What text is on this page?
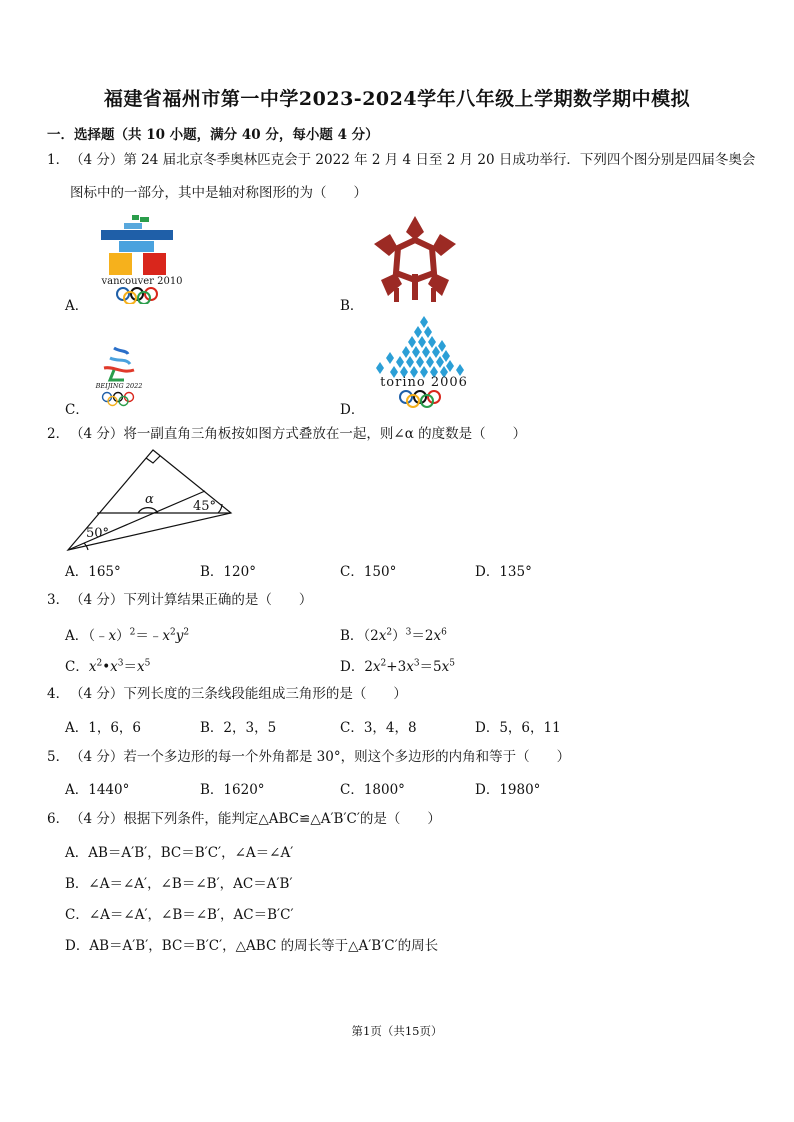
福建省福州市第一中学2023-2024学年八年级上学期数学期中模拟
一．选择题（共 10 小题，满分 40 分，每小题 4 分）
1． （4 分）第 24 届北京冬季奥林匹克会于 2022 年 2 月 4 日至 2 月 20 日成功举行．下列四个图分别是四届冬奥会
图标中的一部分，其中是轴对称图形的为（　　）
A．	B．
C．	D．
vancouver 2010
BEIJING 2022	torino 2006
2． （4 分）将一副直角三角板按如图方式叠放在一起，则∠α 的度数是（　　）
α	45°
50°
A．165°	B．120°	C．150°	D．135°
3． （4 分）下列计算结果正确的是（　　）
A．$(﹣x)^2=﹣x^2y^2$	B．$(2x^2)^3=2x^6$
C．$x^2•x^3=x^5$	D．$2x^2+3x^3=5x^5$
4． （4 分）下列长度的三条线段能组成三角形的是（　　）
A．1，6，6	B．2，3，5	C．3，4，8	D．5，6，11
5． （4 分）若一个多边形的每一个外角都是 30°，则这个多边形的内角和等于（　　）
A．1440°	B．1620°	C．1800°	D．1980°
6． （4 分）根据下列条件，能判定△ABC≌△A′B′C′的是（　　）
A．AB＝A′B′，BC＝B′C′，∠A＝∠A′
B．∠A＝∠A′，∠B＝∠B′，AC＝A′B′
C．∠A＝∠A′，∠B＝∠B′，AC＝B′C′
D．AB＝A′B′，BC＝B′C′，△ABC 的周长等于△A′B′C′的周长
第1页（共15页）
